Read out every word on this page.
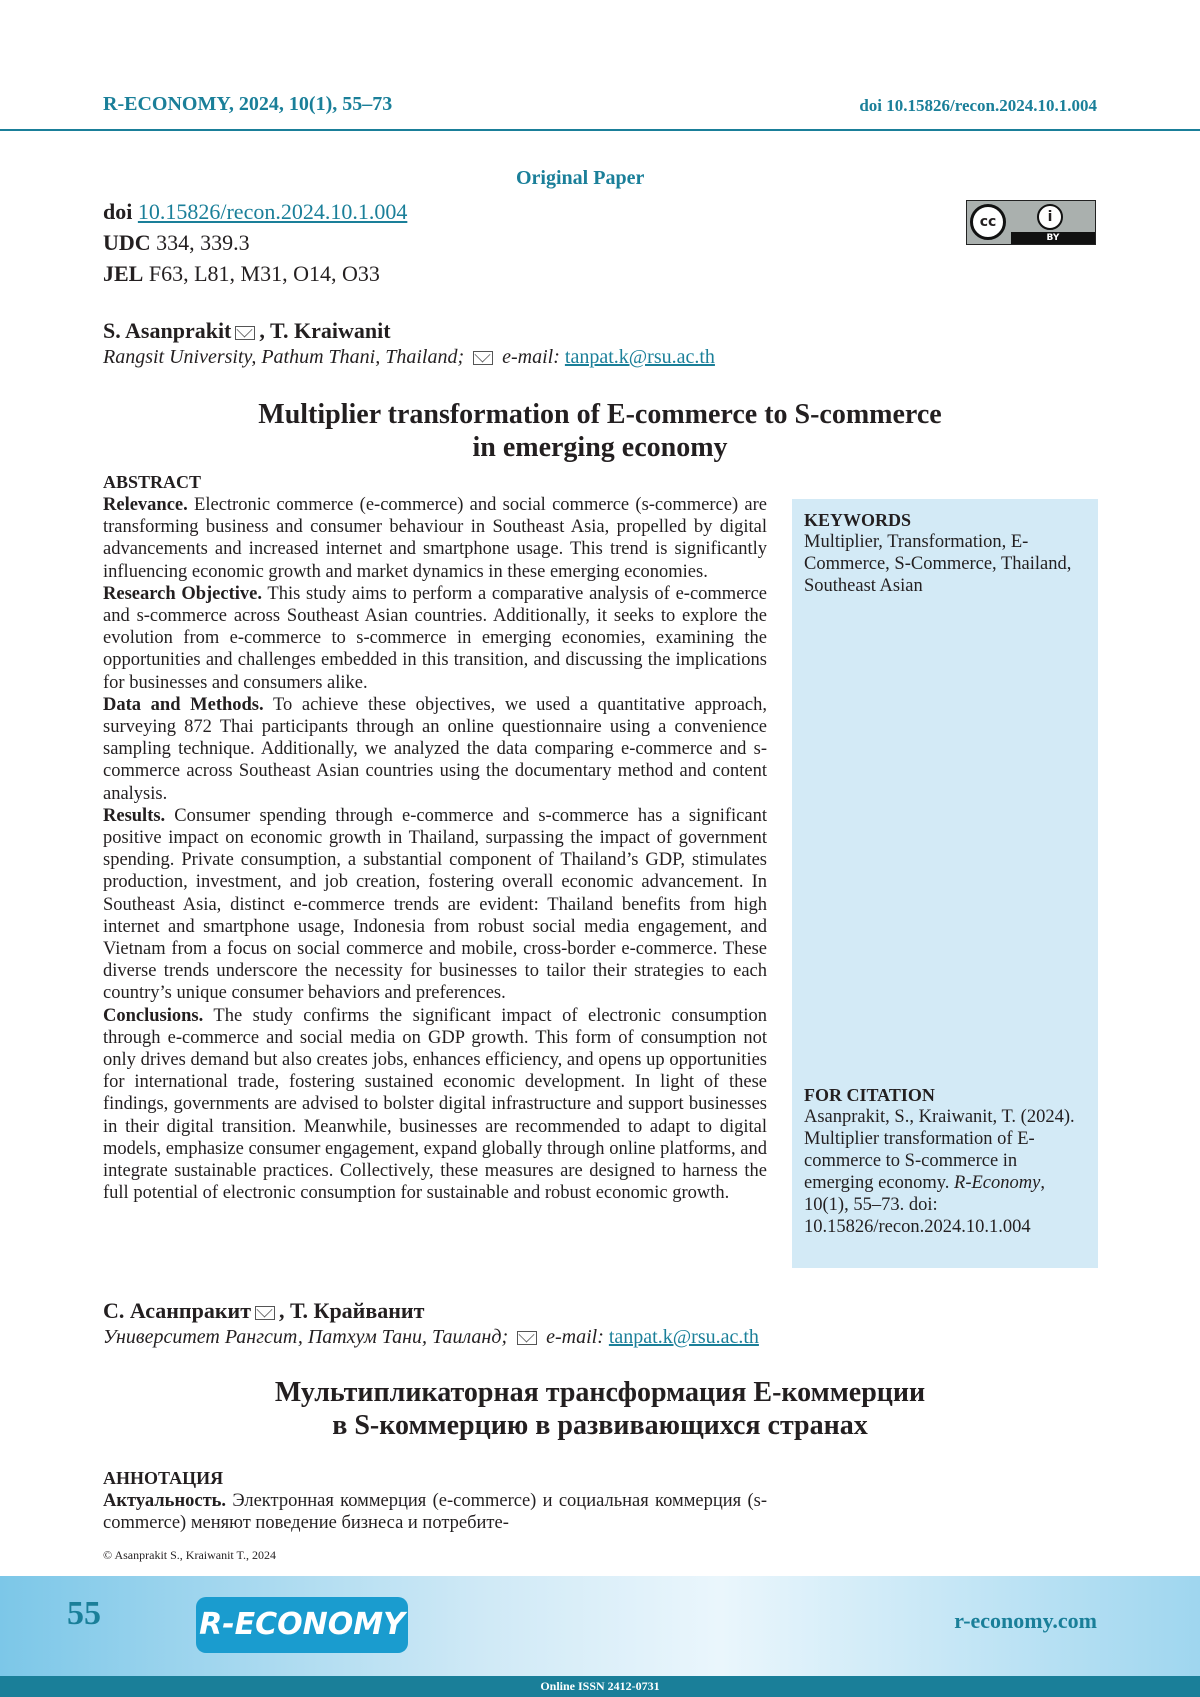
R-ECONOMY, 2024, 10(1), 55–73	doi 10.15826/recon.2024.10.1.004
Original Paper
doi 10.15826/recon.2024.10.1.004
UDC 334, 339.3
JEL F63, L81, M31, O14, O33
cc	i
BY
S. Asanprakit , T. Kraiwanit
Rangsit University, Pathum Thani, Thailand; e-mail: tanpat.k@rsu.ac.th
Multiplier transformation of E-commerce to S-commerce
in emerging economy
ABSTRACT

Relevance. Electronic commerce (e-commerce) and social commerce (s-commerce) are transforming business and consumer behaviour in Southeast Asia, propelled by digital advancements and increased internet and smartphone usage. This trend is significantly influencing economic growth and market dynamics in these emerging economies.

Research Objective. This study aims to perform a comparative analysis of e-commerce and s-commerce across Southeast Asian countries. Additionally, it seeks to explore the evolution from e-commerce to s-commerce in emerging economies, examining the opportunities and challenges embedded in this transition, and discussing the implications for businesses and consumers alike.

Data and Methods. To achieve these objectives, we used a quantitative approach, surveying 872 Thai participants through an online questionnaire using a convenience sampling technique. Additionally, we analyzed the data comparing e-commerce and s-commerce across Southeast Asian countries using the documentary method and content analysis.

Results. Consumer spending through e-commerce and s-commerce has a significant positive impact on economic growth in Thailand, surpassing the impact of government spending. Private consumption, a substantial component of Thailand’s GDP, stimulates production, investment, and job creation, fostering overall economic advancement. In Southeast Asia, distinct e-commerce trends are evident: Thailand benefits from high internet and smartphone usage, Indonesia from robust social media engagement, and Vietnam from a focus on social commerce and mobile, cross-border e-commerce. These diverse trends underscore the necessity for businesses to tailor their strategies to each country’s unique consumer behaviors and preferences.

Conclusions. The study confirms the significant impact of electronic consumption through e-commerce and social media on GDP growth. This form of consumption not only drives demand but also creates jobs, enhances efficiency, and opens up opportunities for international trade, fostering sustained economic development. In light of these findings, governments are advised to bolster digital infrastructure and support businesses in their digital transition. Meanwhile, businesses are recommended to adapt to digital models, emphasize consumer engagement, expand globally through online platforms, and integrate sustainable practices. Collectively, these measures are designed to harness the full potential of electronic consumption for sustainable and robust economic growth.

KEYWORDS
Multiplier, Transformation, E-Commerce, S-Commerce, Thailand, Southeast Asian
FOR CITATION
Asanprakit, S., Kraiwanit, T. (2024). Multiplier transformation of E-commerce to S-commerce in emerging economy. R-Economy, 10(1), 55–73. doi: 10.15826/recon.2024.10.1.004
С. Асанпракит , Т. Крайванит
Университет Рангсит, Патхум Тани, Таиланд; e-mail: tanpat.k@rsu.ac.th
Мультипликаторная трансформация E-коммерции
в S-коммерцию в развивающихся странах
АННОТАЦИЯ

Актуальность. Электронная коммерция (e-commerce) и социальная коммерция (s-commerce) меняют поведение бизнеса и потребите-

© Asanprakit S., Kraiwanit T., 2024
55	R-ECONOMY	r-economy.com
Online ISSN 2412-0731
